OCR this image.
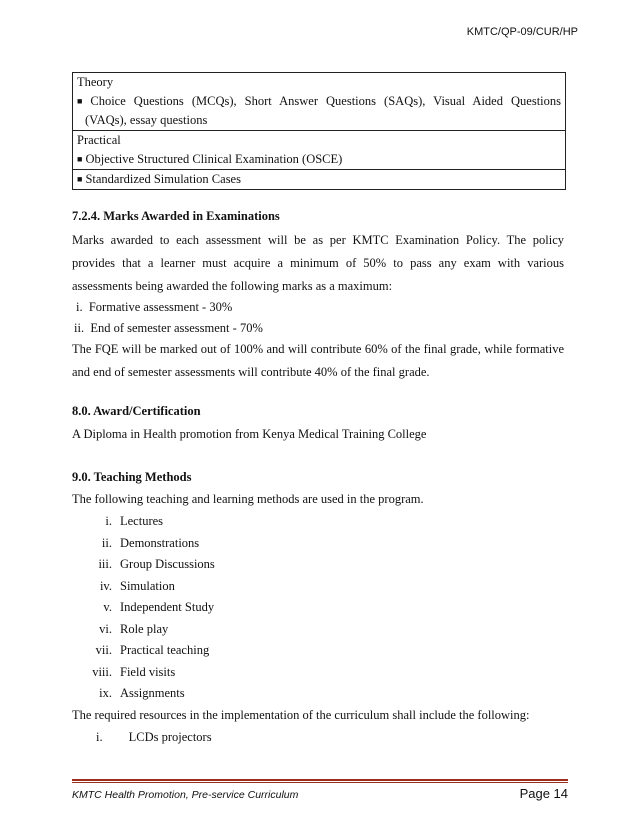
KMTC/QP-09/CUR/HP
Theory
■ Choice Questions (MCQs), Short Answer Questions (SAQs), Visual Aided Questions
(VAQs), essay questions
Practical
■ Objective Structured Clinical Examination (OSCE)
■ Standardized Simulation Cases
7.2.4. Marks Awarded in Examinations
Marks awarded to each assessment will be as per KMTC Examination Policy. The policy
provides that a learner must acquire a minimum of 50% to pass any exam with various
assessments being awarded the following marks as a maximum:
i. Formative assessment - 30%
ii. End of semester assessment - 70%
The FQE will be marked out of 100% and will contribute 60% of the final grade, while formative
and end of semester assessments will contribute 40% of the final grade.
8.0. Award/Certification
A Diploma in Health promotion from Kenya Medical Training College
9.0. Teaching Methods
The following teaching and learning methods are used in the program.
i. Lectures
ii. Demonstrations
iii. Group Discussions
iv. Simulation
v. Independent Study
vi. Role play
vii. Practical teaching
viii. Field visits
ix. Assignments
The required resources in the implementation of the curriculum shall include the following:
i. LCDs projectors
KMTC Health Promotion, Pre-service Curriculum	Page 14
